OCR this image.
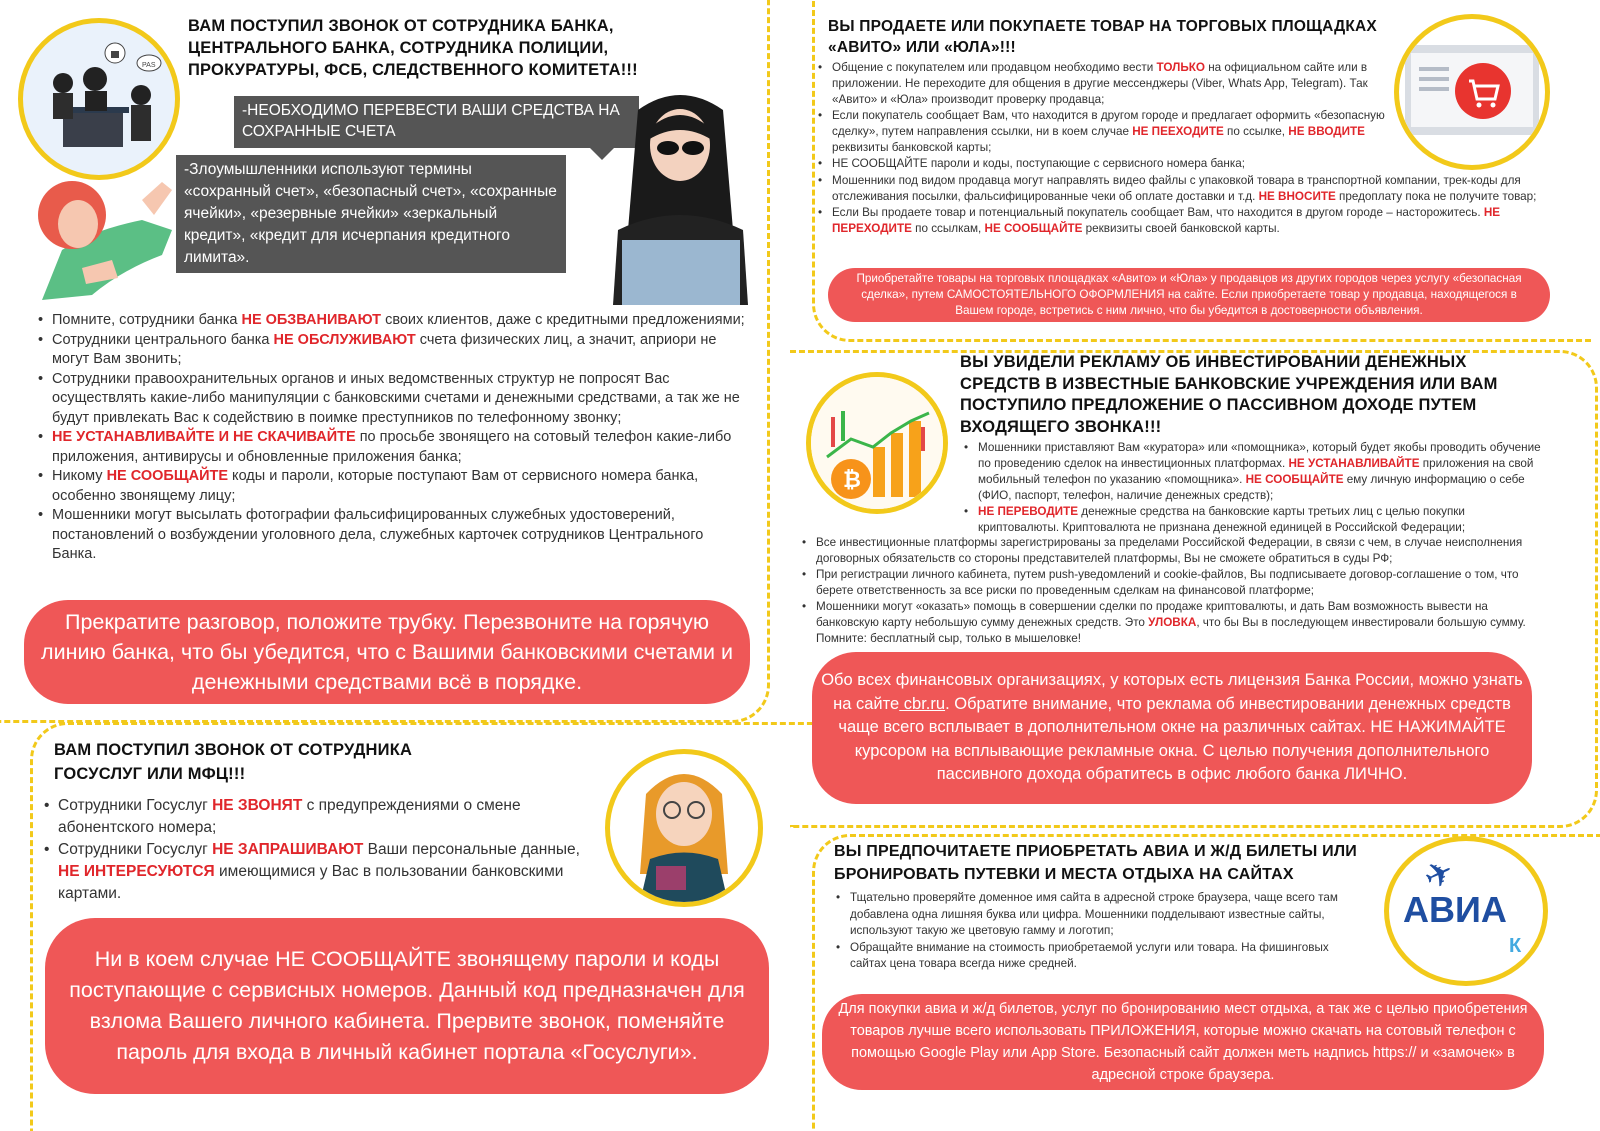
PAS
ВАМ ПОСТУПИЛ ЗВОНОК ОТ СОТРУДНИКА БАНКА, ЦЕНТРАЛЬНОГО БАНКА, СОТРУДНИКА ПОЛИЦИИ, ПРОКУРАТУРЫ, ФСБ, СЛЕДСТВЕННОГО КОМИТЕТА!!!
-НЕОБХОДИМО ПЕРЕВЕСТИ ВАШИ СРЕДСТВА НА СОХРАННЫЕ СЧЕТА
-Злоумышленники используют термины «сохранный счет», «безопасный счет», «сохранные ячейки», «резервные ячейки» «зеркальный кредит», «кредит для исчерпания кредитного лимита».
• Помните, сотрудники банка НЕ ОБЗВАНИВАЮТ своих клиентов, даже с кредитными предложениями;
• Сотрудники центрального банка НЕ ОБСЛУЖИВАЮТ счета физических лиц, а значит, априори не могут Вам звонить;
• Сотрудники правоохранительных органов и иных ведомственных структур не попросят Вас осуществлять какие-либо манипуляции с банковскими счетами и денежными средствами, а так же не будут привлекать Вас к содействию в поимке преступников по телефонному звонку;
• НЕ УСТАНАВЛИВАЙТЕ И НЕ СКАЧИВАЙТЕ по просьбе звонящего на сотовый телефон какие-либо приложения, антивирусы и обновленные приложения банка;
• Никому НЕ СООБЩАЙТЕ коды и пароли, которые поступают Вам от сервисного номера банка, особенно звонящему лицу;
• Мошенники могут высылать фотографии фальсифицированных служебных удостоверений, постановлений о возбуждении уголовного дела, служебных карточек сотрудников Центрального Банка.
Прекратите разговор, положите трубку. Перезвоните на горячую линию банка, что бы убедится, что с Вашими банковскими счетами и денежными средствами всё в порядке.
ВАМ ПОСТУПИЛ ЗВОНОК ОТ СОТРУДНИКА ГОСУСЛУГ ИЛИ МФЦ!!!
• Сотрудники Госуслуг НЕ ЗВОНЯТ с предупреждениями о смене абонентского номера;
• Сотрудники Госуслуг НЕ ЗАПРАШИВАЮТ Ваши персональные данные, НЕ ИНТЕРЕСУЮТСЯ имеющимися у Вас в пользовании банковскими картами.
Ни в коем случае НЕ СООБЩАЙТЕ звонящему пароли и коды поступающие с сервисных номеров. Данный код предназначен для взлома Вашего личного кабинета. Прервите звонок, поменяйте пароль для входа в личный кабинет портала «Госуслуги».
ВЫ ПРОДАЕТЕ ИЛИ ПОКУПАЕТЕ ТОВАР НА ТОРГОВЫХ ПЛОЩАДКАХ «АВИТО» ИЛИ «ЮЛА»!!!
• Общение с покупателем или продавцом необходимо вести ТОЛЬКО на официальном сайте или в приложении. Не переходите для общения в другие мессенджеры (Viber, Whats App, Telegram). Так «Авито» и «Юла» производит проверку продавца;
• Если покупатель сообщает Вам, что находится в другом городе и предлагает оформить «безопасную сделку», путем направления ссылки, ни в коем случае НЕ ПЕЕХОДИТЕ по ссылке, НЕ ВВОДИТЕ реквизиты банковской карты;
• НЕ СООБЩАЙТЕ пароли и коды, поступающие с сервисного номера банка;
• Мошенники под видом продавца могут направлять видео файлы с упаковкой товара в транспортной компании, трек-коды для отслеживания посылки, фальсифицированные чеки об оплате доставки и т.д. НЕ ВНОСИТЕ предоплату пока не получите товар;
• Если Вы продаете товар и потенциальный покупатель сообщает Вам, что находится в другом городе – насторожитесь. НЕ ПЕРЕХОДИТЕ по ссылкам, НЕ СООБЩАЙТЕ реквизиты своей банковской карты.
Приобретайте товары на торговых площадках «Авито» и «Юла» у продавцов из других городов через услугу «безопасная сделка», путем САМОСТОЯТЕЛЬНОГО ОФОРМЛЕНИЯ на сайте. Если приобретаете товар у продавца, находящегося в Вашем городе, встретись с ним лично, что бы убедится в достоверности объявления.
₿
ВЫ УВИДЕЛИ РЕКЛАМУ ОБ ИНВЕСТИРОВАНИИ ДЕНЕЖНЫХ СРЕДСТВ В ИЗВЕСТНЫЕ БАНКОВСКИЕ УЧРЕЖДЕНИЯ ИЛИ ВАМ ПОСТУПИЛО ПРЕДЛОЖЕНИЕ О ПАССИВНОМ ДОХОДЕ ПУТЕМ ВХОДЯЩЕГО ЗВОНКА!!!
• Мошенники приставляют Вам «куратора» или «помощника», который будет якобы проводить обучение по проведению сделок на инвестиционных платформах. НЕ УСТАНАВЛИВАЙТЕ приложения на свой мобильный телефон по указанию «помощника». НЕ СООБЩАЙТЕ ему личную информацию о себе (ФИО, паспорт, телефон, наличие денежных средств);
• НЕ ПЕРЕВОДИТЕ денежные средства на банковские карты третьих лиц с целью покупки криптовалюты. Криптовалюта не признана денежной единицей в Российской Федерации;
• Все инвестиционные платформы зарегистрированы за пределами Российской Федерации, в связи с чем, в случае неисполнения договорных обязательств со стороны представителей платформы, Вы не сможете обратиться в суды РФ;
• При регистрации личного кабинета, путем push-уведомлений и cookie-файлов, Вы подписываете договор-соглашение о том, что берете ответственность за все риски по проведенным сделкам на финансовой платформе;
• Мошенники могут «оказать» помощь в совершении сделки по продаже криптовалюты, и дать Вам возможность вывести на банковскую карту небольшую сумму денежных средств. Это УЛОВКА, что бы Вы в последующем инвестировали большую сумму. Помните: бесплатный сыр, только в мышеловке!
Обо всех финансовых организациях, у которых есть лицензия Банка России, можно узнать на сайте cbr.ru. Обратите внимание, что реклама об инвестировании денежных средств чаще всего всплывает в дополнительном окне на различных сайтах. НЕ НАЖИМАЙТЕ курсором на всплывающие рекламные окна. С целью получения дополнительного пассивного дохода обратитесь в офис любого банка ЛИЧНО.
ВЫ ПРЕДПОЧИТАЕТЕ ПРИОБРЕТАТЬ АВИА И Ж/Д БИЛЕТЫ ИЛИ БРОНИРОВАТЬ ПУТЕВКИ И МЕСТА ОТДЫХА НА САЙТАХ	✈
АВИА
К
• Тщательно проверяйте доменное имя сайта в адресной строке браузера, чаще всего там добавлена одна лишняя буква или цифра. Мошенники подделывают известные сайты, используют такую же цветовую гамму и логотип;
• Обращайте внимание на стоимость приобретаемой услуги или товара. На фишинговых сайтах цена товара всегда ниже средней.
Для покупки авиа и ж/д билетов, услуг по бронированию мест отдыха, а так же с целью приобретения товаров лучше всего использовать ПРИЛОЖЕНИЯ, которые можно скачать на сотовый телефон с помощью Google Play или App Store. Безопасный сайт должен меть надпись https:// и «замочек» в адресной строке браузера.
